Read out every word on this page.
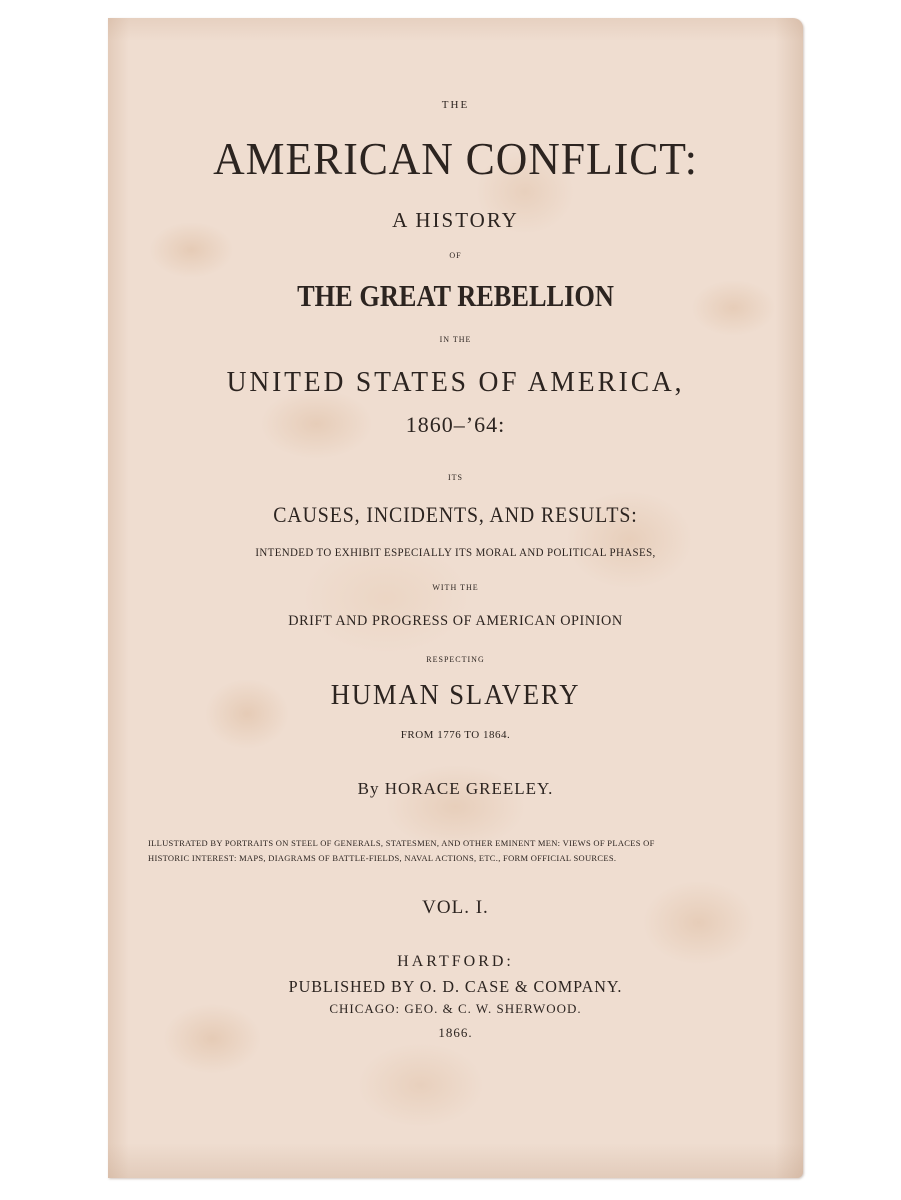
THE
AMERICAN CONFLICT:
A HISTORY
OF
THE GREAT REBELLION
IN THE
UNITED STATES OF AMERICA,
1860–’64:
ITS
CAUSES, INCIDENTS, AND RESULTS:
INTENDED TO EXHIBIT ESPECIALLY ITS MORAL AND POLITICAL PHASES,
WITH THE
DRIFT AND PROGRESS OF AMERICAN OPINION
RESPECTING
HUMAN SLAVERY
FROM 1776 TO 1864.
By HORACE GREELEY.
ILLUSTRATED BY PORTRAITS ON STEEL OF GENERALS, STATESMEN, AND OTHER EMINENT MEN: VIEWS OF PLACES OF HISTORIC INTEREST: MAPS, DIAGRAMS OF BATTLE-FIELDS, NAVAL ACTIONS, ETC., FORM OFFICIAL SOURCES.
VOL. I.
HARTFORD:
PUBLISHED BY O. D. CASE & COMPANY.
CHICAGO: GEO. & C. W. SHERWOOD.
1866.
